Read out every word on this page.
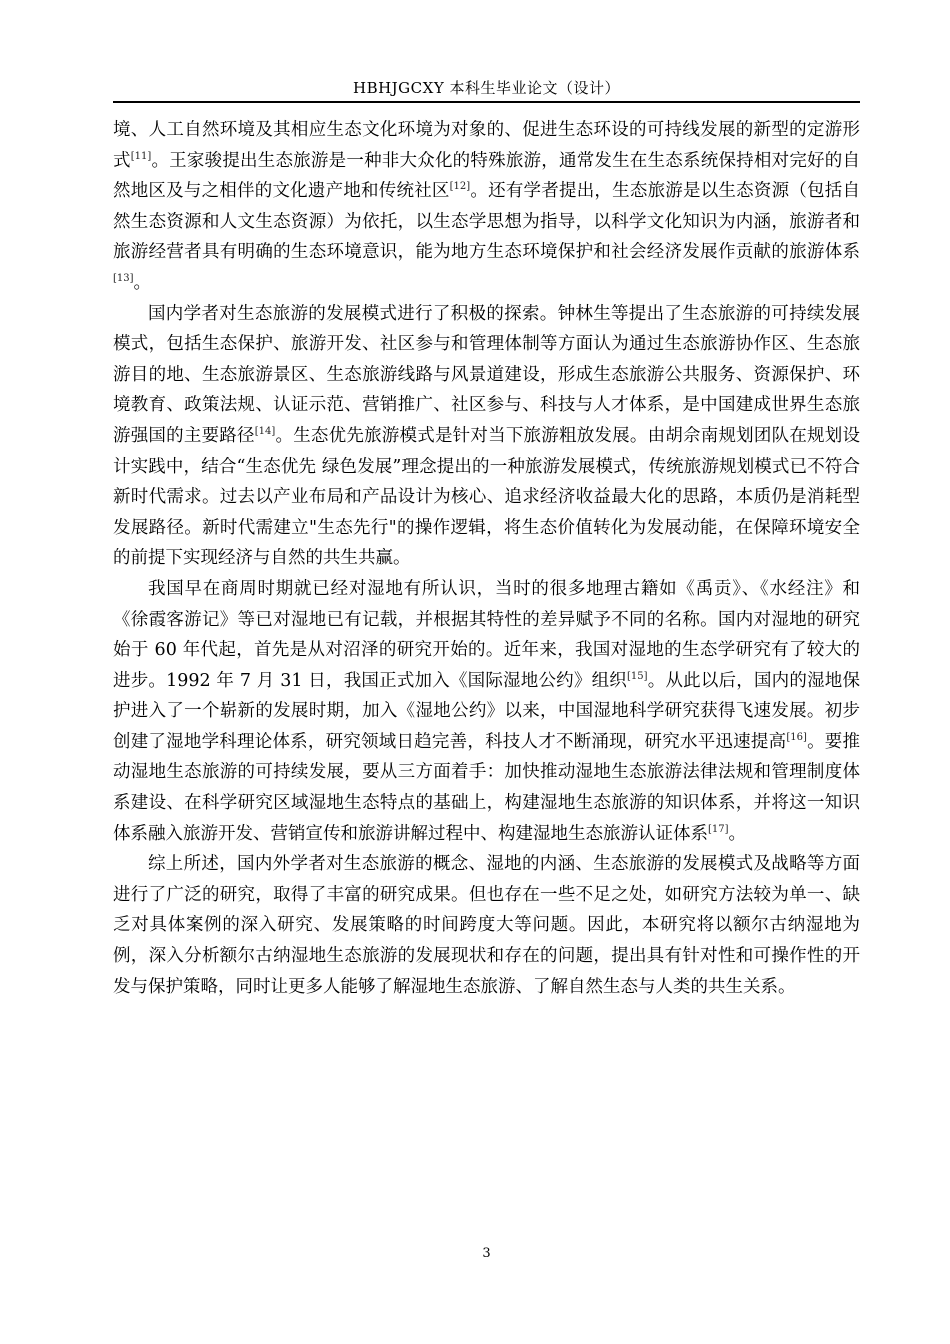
HBHJGCXY 本科生毕业论文（设计）

境、人工自然环境及其相应生态文化环境为对象的、促进生态环设的可持线发展的新型的定游形式[11]。王家骏提出生态旅游是一种非大众化的特殊旅游，通常发生在生态系统保持相对完好的自然地区及与之相伴的文化遗产地和传统社区[12]。还有学者提出，生态旅游是以生态资源（包括自然生态资源和人文生态资源）为依托，以生态学思想为指导，以科学文化知识为内涵，旅游者和旅游经营者具有明确的生态环境意识，能为地方生态环境保护和社会经济发展作贡献的旅游体系[13]。

国内学者对生态旅游的发展模式进行了积极的探索。钟林生等提出了生态旅游的可持续发展模式，包括生态保护、旅游开发、社区参与和管理体制等方面认为通过生态旅游协作区、生态旅游目的地、生态旅游景区、生态旅游线路与风景道建设，形成生态旅游公共服务、资源保护、环境教育、政策法规、认证示范、营销推广、社区参与、科技与人才体系，是中国建成世界生态旅游强国的主要路径[14]。生态优先旅游模式是针对当下旅游粗放发展。由胡佘南规划团队在规划设计实践中，结合“生态优先 绿色发展”理念提出的一种旅游发展模式，传统旅游规划模式已不符合新时代需求。过去以产业布局和产品设计为核心、追求经济收益最大化的思路，本质仍是消耗型发展路径。新时代需建立"生态先行"的操作逻辑，将生态价值转化为发展动能，在保障环境安全的前提下实现经济与自然的共生共赢。

我国早在商周时期就已经对湿地有所认识，当时的很多地理古籍如《禹贡》、《水经注》和《徐霞客游记》等已对湿地已有记载，并根据其特性的差异赋予不同的名称。国内对湿地的研究始于 60 年代起，首先是从对沼泽的研究开始的。近年来，我国对湿地的生态学研究有了较大的进步。1992 年 7 月 31 日，我国正式加入《国际湿地公约》组织[15]。从此以后，国内的湿地保护进入了一个崭新的发展时期，加入《湿地公约》以来，中国湿地科学研究获得飞速发展。初步创建了湿地学科理论体系，研究领域日趋完善，科技人才不断涌现，研究水平迅速提高[16]。要推动湿地生态旅游的可持续发展，要从三方面着手：加快推动湿地生态旅游法律法规和管理制度体系建设、在科学研究区域湿地生态特点的基础上，构建湿地生态旅游的知识体系，并将这一知识体系融入旅游开发、营销宣传和旅游讲解过程中、构建湿地生态旅游认证体系[17]。

综上所述，国内外学者对生态旅游的概念、湿地的内涵、生态旅游的发展模式及战略等方面进行了广泛的研究，取得了丰富的研究成果。但也存在一些不足之处，如研究方法较为单一、缺乏对具体案例的深入研究、发展策略的时间跨度大等问题。因此，本研究将以额尔古纳湿地为例，深入分析额尔古纳湿地生态旅游的发展现状和存在的问题，提出具有针对性和可操作性的开发与保护策略，同时让更多人能够了解湿地生态旅游、了解自然生态与人类的共生关系。

3
